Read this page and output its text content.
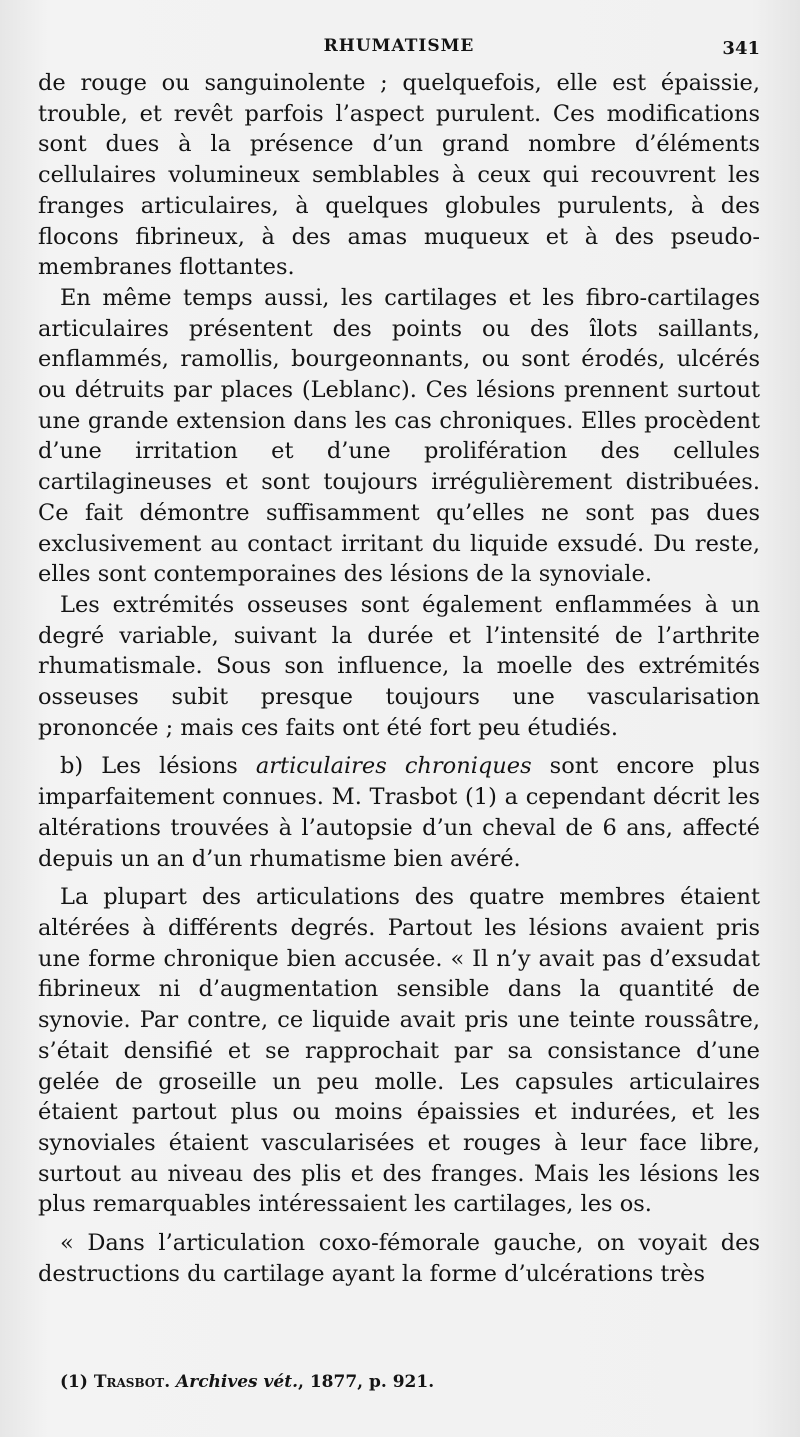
RHUMATISME	341

de rouge ou sanguinolente ; quelquefois, elle est épaissie, trouble, et revêt parfois l’aspect purulent. Ces modifications sont dues à la présence d’un grand nombre d’éléments cellulaires volumineux semblables à ceux qui recouvrent les franges articulaires, à quelques globules purulents, à des flocons fibrineux, à des amas muqueux et à des pseudo-membranes flottantes.

En même temps aussi, les cartilages et les fibro-cartilages articulaires présentent des points ou des îlots saillants, enflammés, ramollis, bourgeonnants, ou sont érodés, ulcérés ou détruits par places (Leblanc). Ces lésions prennent surtout une grande extension dans les cas chroniques. Elles procèdent d’une irritation et d’une prolifération des cellules cartilagineuses et sont toujours irrégulièrement distribuées. Ce fait démontre suffisamment qu’elles ne sont pas dues exclusivement au contact irritant du liquide exsudé. Du reste, elles sont contemporaines des lésions de la synoviale.

Les extrémités osseuses sont également enflammées à un degré variable, suivant la durée et l’intensité de l’arthrite rhumatismale. Sous son influence, la moelle des extrémités osseuses subit presque toujours une vascularisation prononcée ; mais ces faits ont été fort peu étudiés.

b) Les lésions articulaires chroniques sont encore plus imparfaitement connues. M. Trasbot (1) a cependant décrit les altérations trouvées à l’autopsie d’un cheval de 6 ans, affecté depuis un an d’un rhumatisme bien avéré.

La plupart des articulations des quatre membres étaient altérées à différents degrés. Partout les lésions avaient pris une forme chronique bien accusée. « Il n’y avait pas d’exsudat fibrineux ni d’augmentation sensible dans la quantité de synovie. Par contre, ce liquide avait pris une teinte roussâtre, s’était densifié et se rapprochait par sa consistance d’une gelée de groseille un peu molle. Les capsules articulaires étaient partout plus ou moins épaissies et indurées, et les synoviales étaient vascularisées et rouges à leur face libre, surtout au niveau des plis et des franges. Mais les lésions les plus remarquables intéressaient les cartilages, les os.

« Dans l’articulation coxo-fémorale gauche, on voyait des destructions du cartilage ayant la forme d’ulcérations très

(1) Trasbot. Archives vét., 1877, p. 921.
